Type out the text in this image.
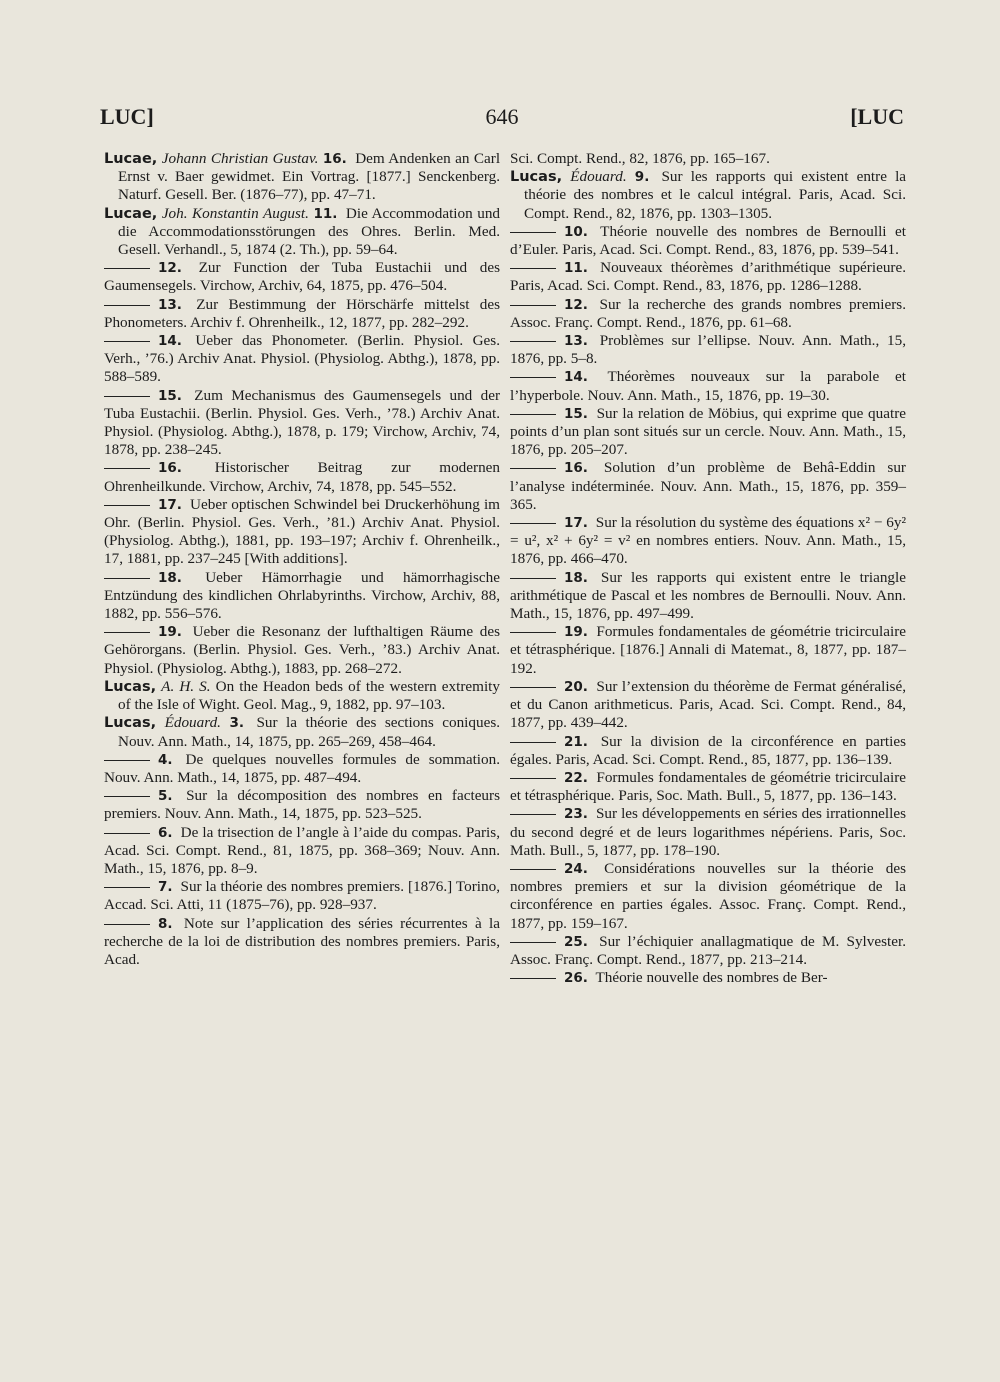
LUC]	646	[LUC

Lucae, Johann Christian Gustav. 16. Dem Andenken an Carl Ernst v. Baer gewidmet. Ein Vortrag. [1877.] Senckenberg. Naturf. Gesell. Ber. (1876–77), pp. 47–71.

Lucae, Joh. Konstantin August. 11. Die Accommodation und die Accommodationsstörungen des Ohres. Berlin. Med. Gesell. Verhandl., 5, 1874 (2. Th.), pp. 59–64.

12. Zur Function der Tuba Eustachii und des Gaumensegels. Virchow, Archiv, 64, 1875, pp. 476–504.

13. Zur Bestimmung der Hörschärfe mittelst des Phonometers. Archiv f. Ohrenheilk., 12, 1877, pp. 282–292.

14. Ueber das Phonometer. (Berlin. Physiol. Ges. Verh., ’76.) Archiv Anat. Physiol. (Physiolog. Abthg.), 1878, pp. 588–589.

15. Zum Mechanismus des Gaumensegels und der Tuba Eustachii. (Berlin. Physiol. Ges. Verh., ’78.) Archiv Anat. Physiol. (Physiolog. Abthg.), 1878, p. 179; Virchow, Archiv, 74, 1878, pp. 238–245.

16. Historischer Beitrag zur modernen Ohrenheilkunde. Virchow, Archiv, 74, 1878, pp. 545–552.

17. Ueber optischen Schwindel bei Druckerhöhung im Ohr. (Berlin. Physiol. Ges. Verh., ’81.) Archiv Anat. Physiol. (Physiolog. Abthg.), 1881, pp. 193–197; Archiv f. Ohrenheilk., 17, 1881, pp. 237–245 [With additions].

18. Ueber Hämorrhagie und hämorrhagische Entzündung des kindlichen Ohrlabyrinths. Virchow, Archiv, 88, 1882, pp. 556–576.

19. Ueber die Resonanz der lufthaltigen Räume des Gehörorgans. (Berlin. Physiol. Ges. Verh., ’83.) Archiv Anat. Physiol. (Physiolog. Abthg.), 1883, pp. 268–272.

Lucas, A. H. S. On the Headon beds of the western extremity of the Isle of Wight. Geol. Mag., 9, 1882, pp. 97–103.

Lucas, Édouard. 3. Sur la théorie des sections coniques. Nouv. Ann. Math., 14, 1875, pp. 265–269, 458–464.

4. De quelques nouvelles formules de sommation. Nouv. Ann. Math., 14, 1875, pp. 487–494.

5. Sur la décomposition des nombres en facteurs premiers. Nouv. Ann. Math., 14, 1875, pp. 523–525.

6. De la trisection de l’angle à l’aide du compas. Paris, Acad. Sci. Compt. Rend., 81, 1875, pp. 368–369; Nouv. Ann. Math., 15, 1876, pp. 8–9.

7. Sur la théorie des nombres premiers. [1876.] Torino, Accad. Sci. Atti, 11 (1875–76), pp. 928–937.

8. Note sur l’application des séries récurrentes à la recherche de la loi de distribution des nombres premiers. Paris, Acad.

Sci. Compt. Rend., 82, 1876, pp. 165–167.

Lucas, Édouard. 9. Sur les rapports qui existent entre la théorie des nombres et le calcul intégral. Paris, Acad. Sci. Compt. Rend., 82, 1876, pp. 1303–1305.

10. Théorie nouvelle des nombres de Bernoulli et d’Euler. Paris, Acad. Sci. Compt. Rend., 83, 1876, pp. 539–541.

11. Nouveaux théorèmes d’arithmétique supérieure. Paris, Acad. Sci. Compt. Rend., 83, 1876, pp. 1286–1288.

12. Sur la recherche des grands nombres premiers. Assoc. Franç. Compt. Rend., 1876, pp. 61–68.

13. Problèmes sur l’ellipse. Nouv. Ann. Math., 15, 1876, pp. 5–8.

14. Théorèmes nouveaux sur la parabole et l’hyperbole. Nouv. Ann. Math., 15, 1876, pp. 19–30.

15. Sur la relation de Möbius, qui exprime que quatre points d’un plan sont situés sur un cercle. Nouv. Ann. Math., 15, 1876, pp. 205–207.

16. Solution d’un problème de Behâ-Eddin sur l’analyse indéterminée. Nouv. Ann. Math., 15, 1876, pp. 359–365.

17. Sur la résolution du système des équations x² − 6y² = u², x² + 6y² = v² en nombres entiers. Nouv. Ann. Math., 15, 1876, pp. 466–470.

18. Sur les rapports qui existent entre le triangle arithmétique de Pascal et les nombres de Bernoulli. Nouv. Ann. Math., 15, 1876, pp. 497–499.

19. Formules fondamentales de géométrie tricirculaire et tétrasphérique. [1876.] Annali di Matemat., 8, 1877, pp. 187–192.

20. Sur l’extension du théorème de Fermat généralisé, et du Canon arithmeticus. Paris, Acad. Sci. Compt. Rend., 84, 1877, pp. 439–442.

21. Sur la division de la circonférence en parties égales. Paris, Acad. Sci. Compt. Rend., 85, 1877, pp. 136–139.

22. Formules fondamentales de géométrie tricirculaire et tétrasphérique. Paris, Soc. Math. Bull., 5, 1877, pp. 136–143.

23. Sur les développements en séries des irrationnelles du second degré et de leurs logarithmes népériens. Paris, Soc. Math. Bull., 5, 1877, pp. 178–190.

24. Considérations nouvelles sur la théorie des nombres premiers et sur la division géométrique de la circonférence en parties égales. Assoc. Franç. Compt. Rend., 1877, pp. 159–167.

25. Sur l’échiquier anallagmatique de M. Sylvester. Assoc. Franç. Compt. Rend., 1877, pp. 213–214.

26. Théorie nouvelle des nombres de Ber-
